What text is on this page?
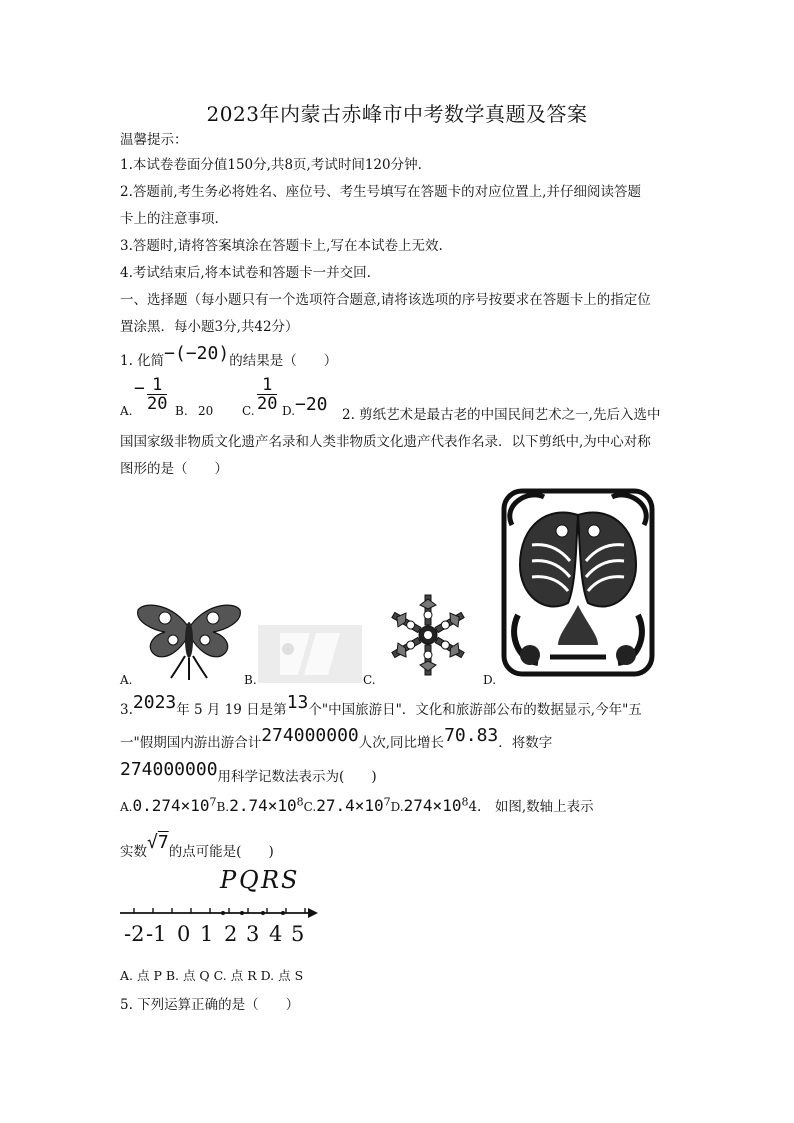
2023年内蒙古赤峰市中考数学真题及答案
温馨提示：
1.本试卷卷面分值150分,共8页,考试时间120分钟.
2.答题前,考生务必将姓名、座位号、考生号填写在答题卡的对应位置上,并仔细阅读答题
卡上的注意事项.
3.答题时,请将答案填涂在答题卡上,写在本试卷上无效.
4.考试结束后,将本试卷和答题卡一并交回.
一、选择题（每小题只有一个选项符合题意,请将该选项的序号按要求在答题卡上的指定位
置涂黑．每小题3分,共42分）
1. 化简−(−20)的结果是（　　）
A.
− $\frac{1}{20} B$. 20 C. $\frac{1}{20} D$. −20 2. 剪纸艺术是最古老的中国民间艺术之一,先后入选中
国国家级非物质文化遗产名录和人类非物质文化遗产代表作名录．以下剪纸中,为中心对称
图形的是（　　）
A.	B.	C.	D.
3.2023年 5 月 19 日是第13个"中国旅游日"．文化和旅游部公布的数据显示,今年"五
一"假期国内游出游合计274000000人次,同比增长70.83．将数字
274000000用科学记数法表示为(　　)
$A.0.274\times 10^7B.2.74\times 10^8C.27.4\times 10^7D.274\times 10^84$.　如图,数轴上表示
实数√7的点可能是(　　)
P Q R S
-2 -1 0 1 2 3 4 5
A. 点 P B. 点 Q C. 点 R D. 点 S
5. 下列运算正确的是（　　）
